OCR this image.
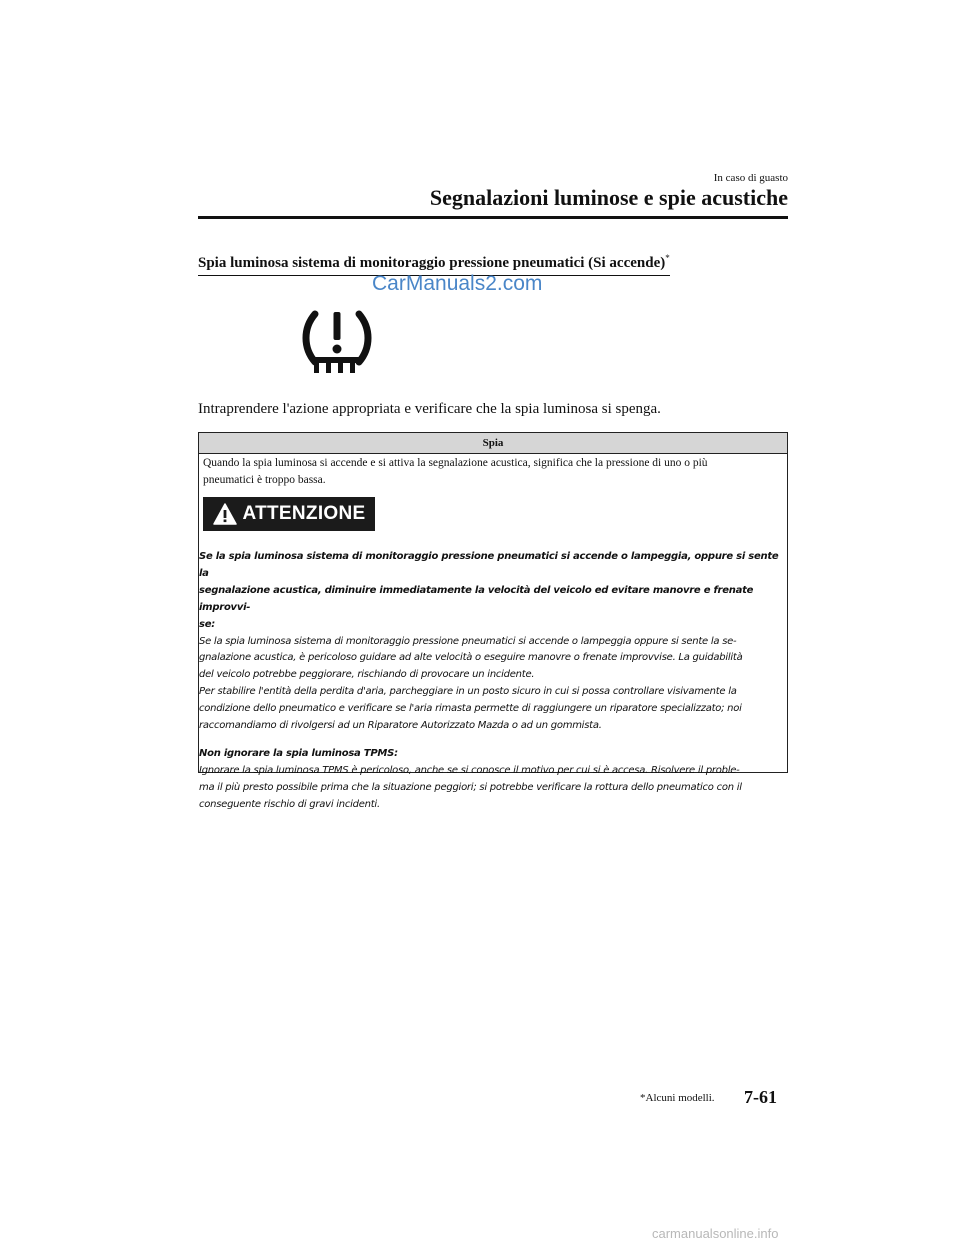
In caso di guasto
Segnalazioni luminose e spie acustiche
Spia luminosa sistema di monitoraggio pressione pneumatici (Si accende)*
CarManuals2.com
Intraprendere l'azione appropriata e verificare che la spia luminosa si spenga.
Spia
Quando la spia luminosa si accende e si attiva la segnalazione acustica, significa che la pressione di uno o più
pneumatici è troppo bassa.
ATTENZIONE

Se la spia luminosa sistema di monitoraggio pressione pneumatici si accende o lampeggia, oppure si sente la

segnalazione acustica, diminuire immediatamente la velocità del veicolo ed evitare manovre e frenate improvvi-

se:

Se la spia luminosa sistema di monitoraggio pressione pneumatici si accende o lampeggia oppure si sente la se-

gnalazione acustica, è pericoloso guidare ad alte velocità o eseguire manovre o frenate improvvise. La guidabilità

del veicolo potrebbe peggiorare, rischiando di provocare un incidente.

Per stabilire l'entità della perdita d'aria, parcheggiare in un posto sicuro in cui si possa controllare visivamente la

condizione dello pneumatico e verificare se l'aria rimasta permette di raggiungere un riparatore specializzato; noi

raccomandiamo di rivolgersi ad un Riparatore Autorizzato Mazda o ad un gommista.

Non ignorare la spia luminosa TPMS:

Ignorare la spia luminosa TPMS è pericoloso, anche se si conosce il motivo per cui si è accesa. Risolvere il proble-

ma il più presto possibile prima che la situazione peggiori; si potrebbe verificare la rottura dello pneumatico con il

conseguente rischio di gravi incidenti.

*Alcuni modelli. 7-61
carmanualsonline.info
